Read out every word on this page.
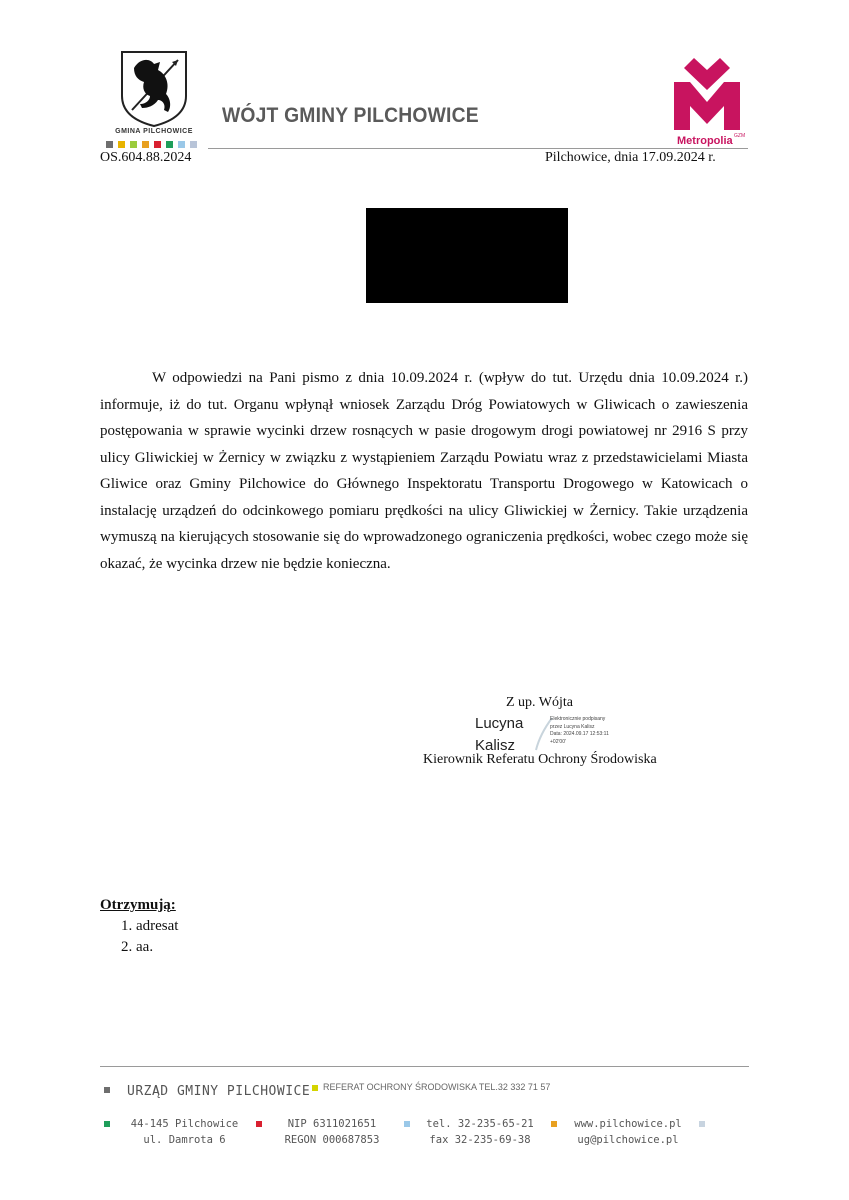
GMINA PILCHOWICE
WÓJT GMINY PILCHOWICE
Metropolia GZM
OS.604.88.2024	Pilchowice, dnia 17.09.2024 r.

W odpowiedzi na Pani pismo z dnia 10.09.2024 r. (wpływ do tut. Urzędu dnia 10.09.2024 r.) informuje, iż do tut. Organu wpłynął wniosek Zarządu Dróg Powiatowych w Gliwicach o zawieszenia postępowania w sprawie wycinki drzew rosnących w pasie drogowym drogi powiatowej nr 2916 S przy ulicy Gliwickiej w Żernicy w związku z wystąpieniem Zarządu Powiatu wraz z przedstawicielami Miasta Gliwice oraz Gminy Pilchowice do Głównego Inspektoratu Transportu Drogowego w Katowicach o instalację urządzeń do odcinkowego pomiaru prędkości na ulicy Gliwickiej w Żernicy. Takie urządzenia wymuszą na kierujących stosowanie się do wprowadzonego ograniczenia prędkości, wobec czego może się okazać, że wycinka drzew nie będzie konieczna.

Z up. Wójta
Lucyna
Kalisz
Elektronicznie podpisany
przez Lucyna Kalisz
Data: 2024.09.17 12:53:11
+02'00'
Kierownik Referatu Ochrony Środowiska
Otrzymują:
1. adresat
2. aa.
URZĄD GMINY PILCHOWICE REFERAT OCHRONY ŚRODOWISKA TEL.32 332 71 57
44-145 Pilchowice
ul. Damrota 6
NIP 6311021651
REGON 000687853
tel. 32-235-65-21
fax 32-235-69-38
www.pilchowice.pl
ug@pilchowice.pl
